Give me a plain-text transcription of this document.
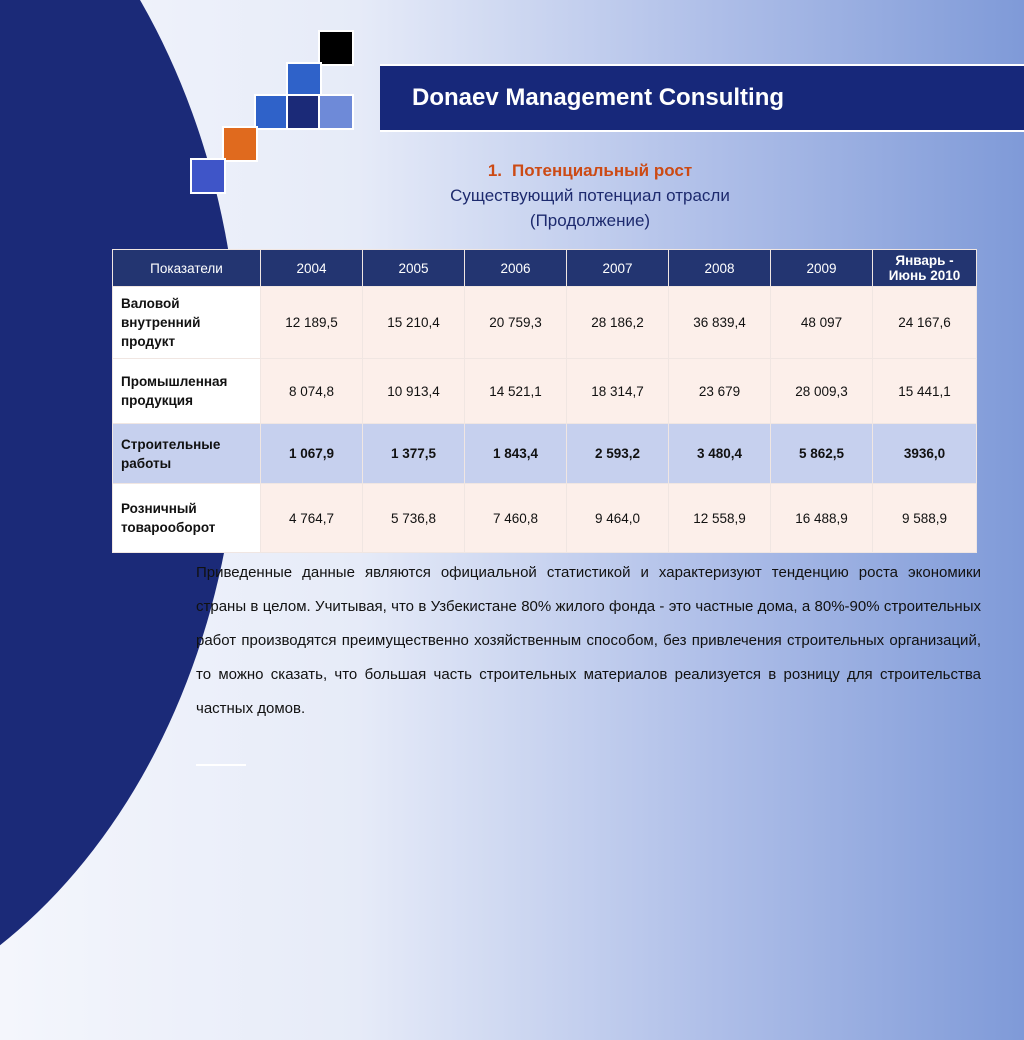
Donaev Management Consulting
1. Потенциальный рост
Существующий потенциал отрасли
(Продолжение)
Показатели	2004	2005	2006	2007	2008	2009	Январь - Июнь 2010
Валовой внутренний продукт	12 189,5	15 210,4	20 759,3	28 186,2	36 839,4	48 097	24 167,6
Промышленная продукция	8 074,8	10 913,4	14 521,1	18 314,7	23 679	28 009,3	15 441,1
Строительные работы	1 067,9	1 377,5	1 843,4	2 593,2	3 480,4	5 862,5	3936,0
Розничный товарооборот	4 764,7	5 736,8	7 460,8	9 464,0	12 558,9	16 488,9	9 588,9
Приведенные данные являются официальной статистикой и характеризуют тенденцию роста экономики страны в целом. Учитывая, что в Узбекистане 80% жилого фонда - это частные дома, а 80%-90% строительных работ производятся преимущественно хозяйственным способом, без привлечения строительных организаций, то можно сказать, что большая часть строительных материалов реализуется в розницу для строительства частных домов.
